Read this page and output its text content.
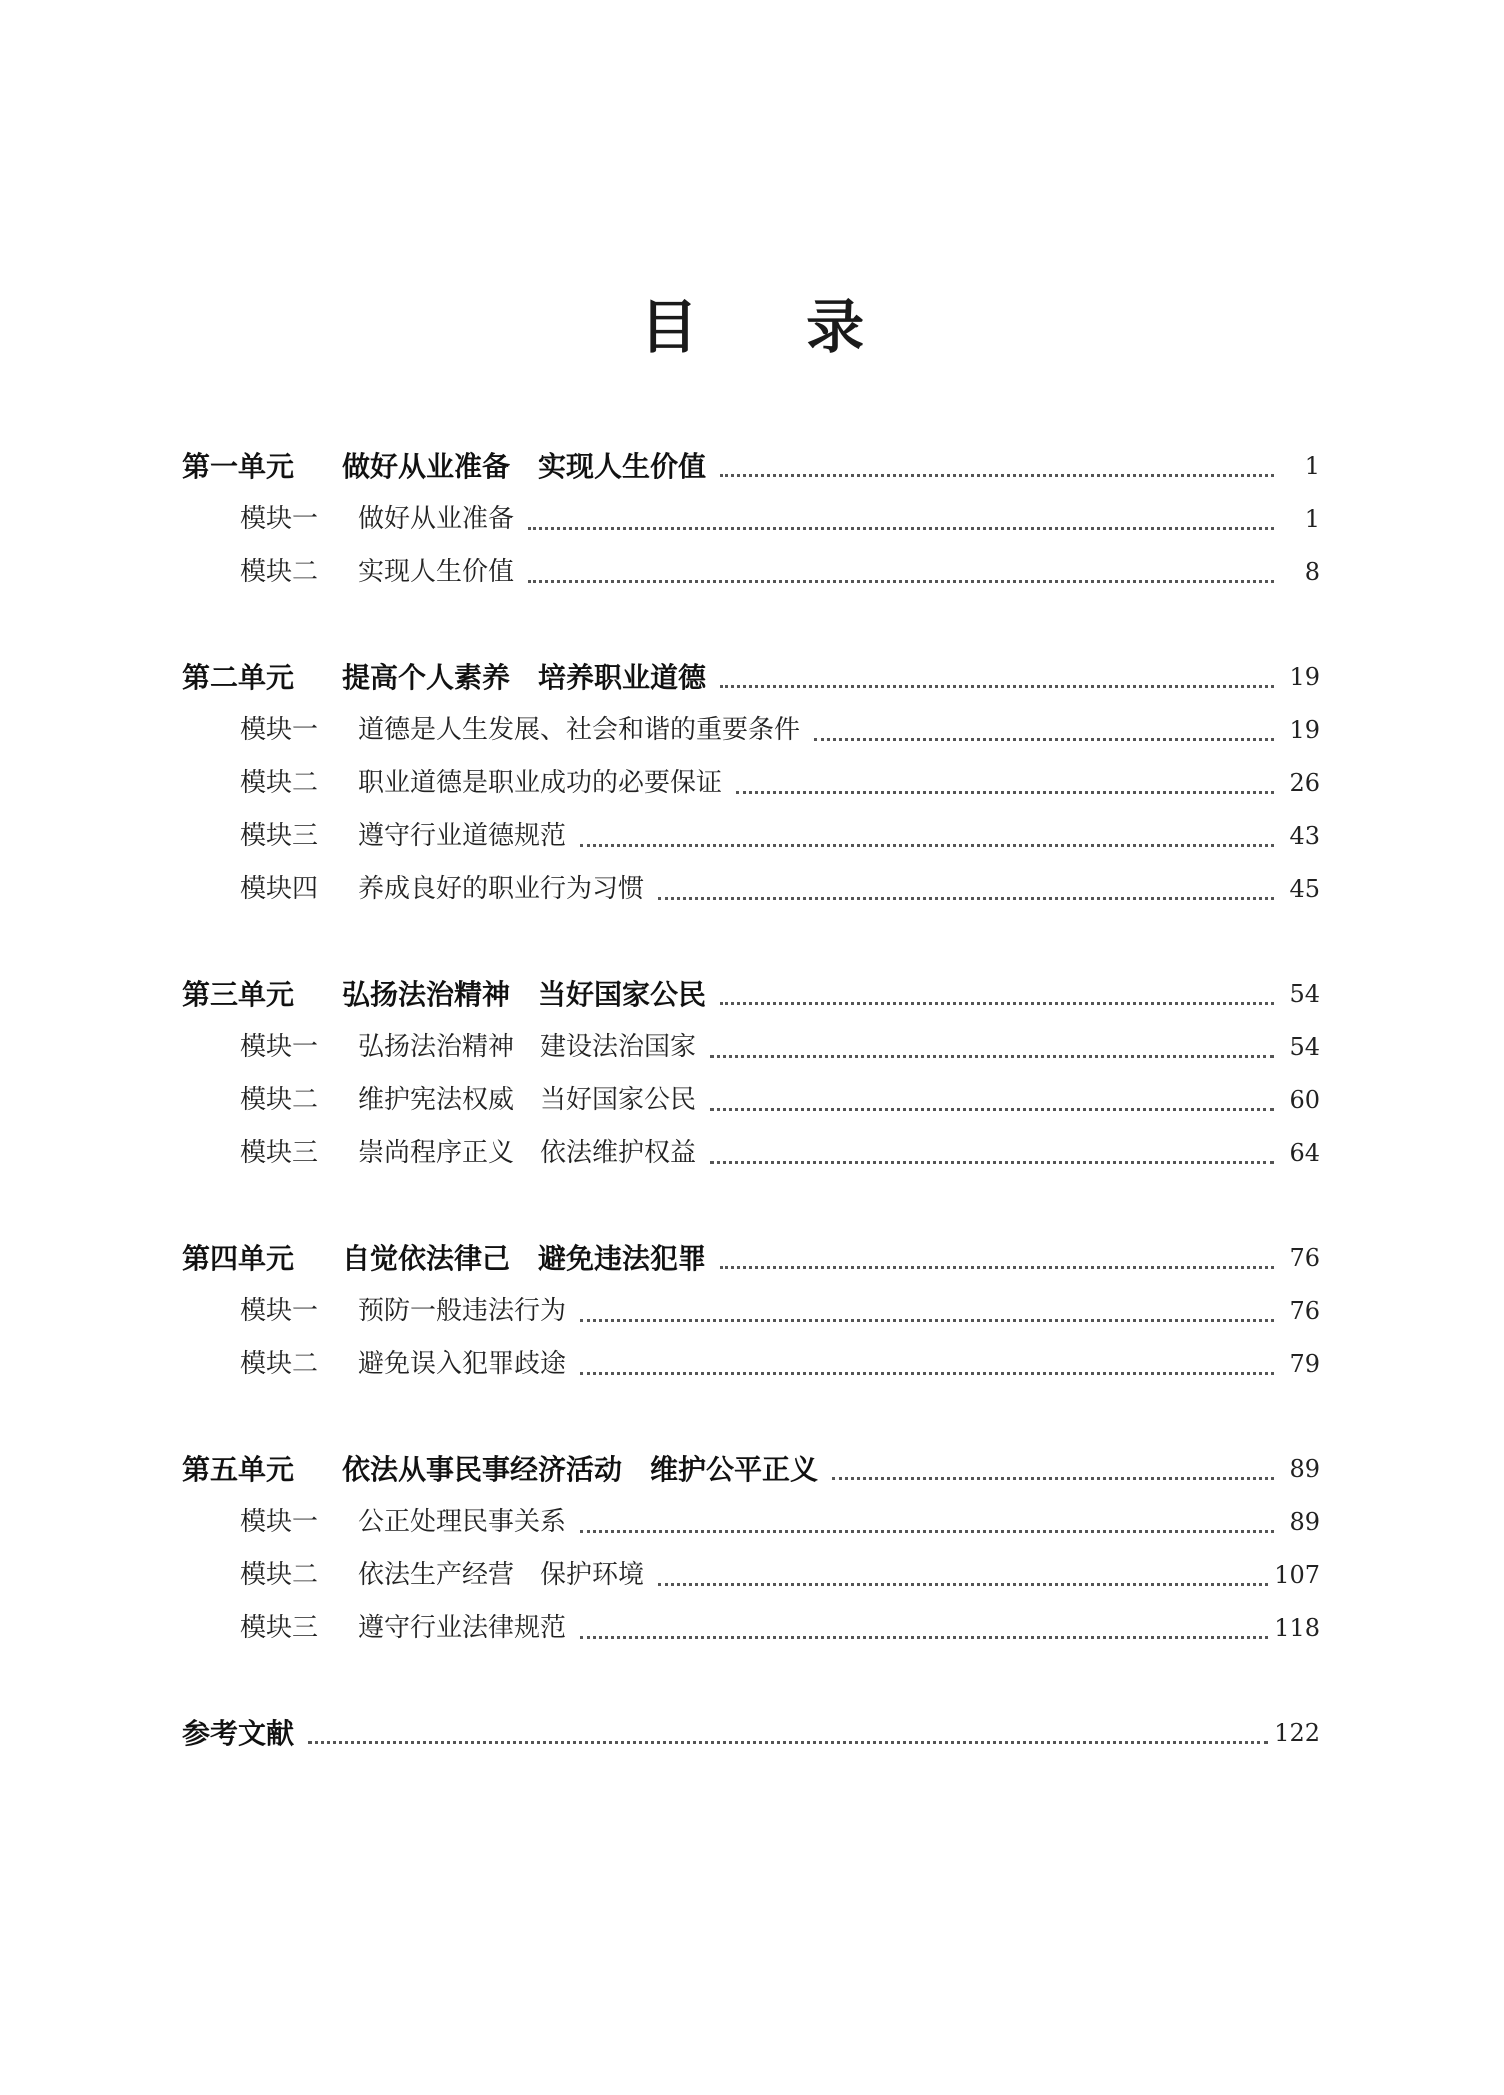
目 录
第一单元	做好从业准备　实现人生价值	1
模块一	做好从业准备	1
模块二	实现人生价值	8
第二单元	提高个人素养　培养职业道德	19
模块一	道德是人生发展、社会和谐的重要条件	19
模块二	职业道德是职业成功的必要保证	26
模块三	遵守行业道德规范	43
模块四	养成良好的职业行为习惯	45
第三单元	弘扬法治精神　当好国家公民	54
模块一	弘扬法治精神　建设法治国家	54
模块二	维护宪法权威　当好国家公民	60
模块三	崇尚程序正义　依法维护权益	64
第四单元	自觉依法律己　避免违法犯罪	76
模块一	预防一般违法行为	76
模块二	避免误入犯罪歧途	79
第五单元	依法从事民事经济活动　维护公平正义	89
模块一	公正处理民事关系	89
模块二	依法生产经营　保护环境	107
模块三	遵守行业法律规范	118
参考文献	122
